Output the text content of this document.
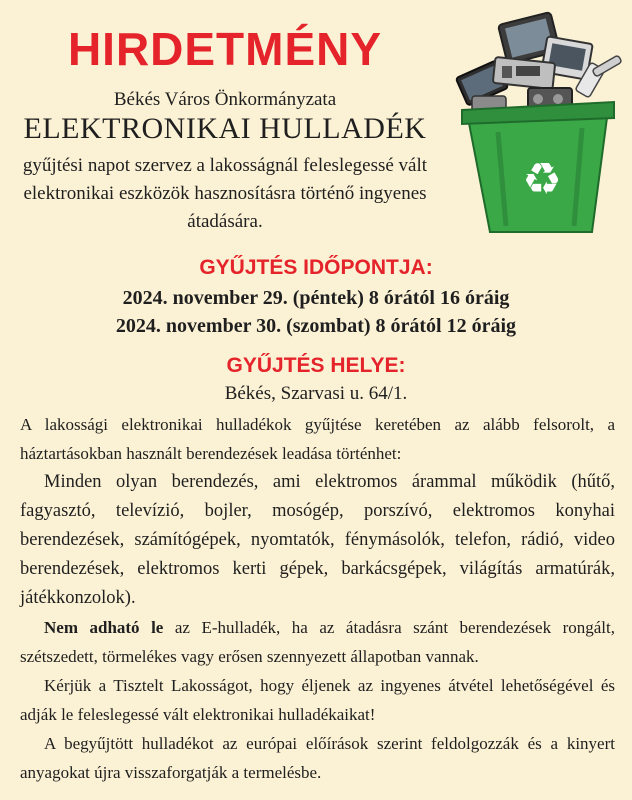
HIRDETMÉNY
Békés Város Önkormányzata
ELEKTRONIKAI HULLADÉK
gyűjtési napot szervez a lakosságnál feleslegessé vált elektronikai eszközök hasznosításra történő ingyenes átadására.
♻
GYŰJTÉS IDŐPONTJA:
2024. november 29. (péntek) 8 órától 16 óráig
2024. november 30. (szombat) 8 órától 12 óráig
GYŰJTÉS HELYE:
Békés, Szarvasi u. 64/1.

A lakossági elektronikai hulladékok gyűjtése keretében az alább felsorolt, a háztartásokban használt berendezések leadása történhet:

Minden olyan berendezés, ami elektromos árammal működik (hűtő, fagyasztó, televízió, bojler, mosógép, porszívó, elektromos konyhai berendezések, számítógépek, nyomtatók, fénymásolók, telefon, rádió, video berendezések, elektromos kerti gépek, barkácsgépek, világítás armatúrák, játékkonzolok).

Nem adható le az E-hulladék, ha az átadásra szánt berendezések rongált, szétszedett, törmelékes vagy erősen szennyezett állapotban vannak.

Kérjük a Tisztelt Lakosságot, hogy éljenek az ingyenes átvétel lehetőségével és adják le feleslegessé vált elektronikai hulladékaikat!

A begyűjtött hulladékot az európai előírások szerint feldolgozzák és a kinyert anyagokat újra visszaforgatják a termelésbe.
